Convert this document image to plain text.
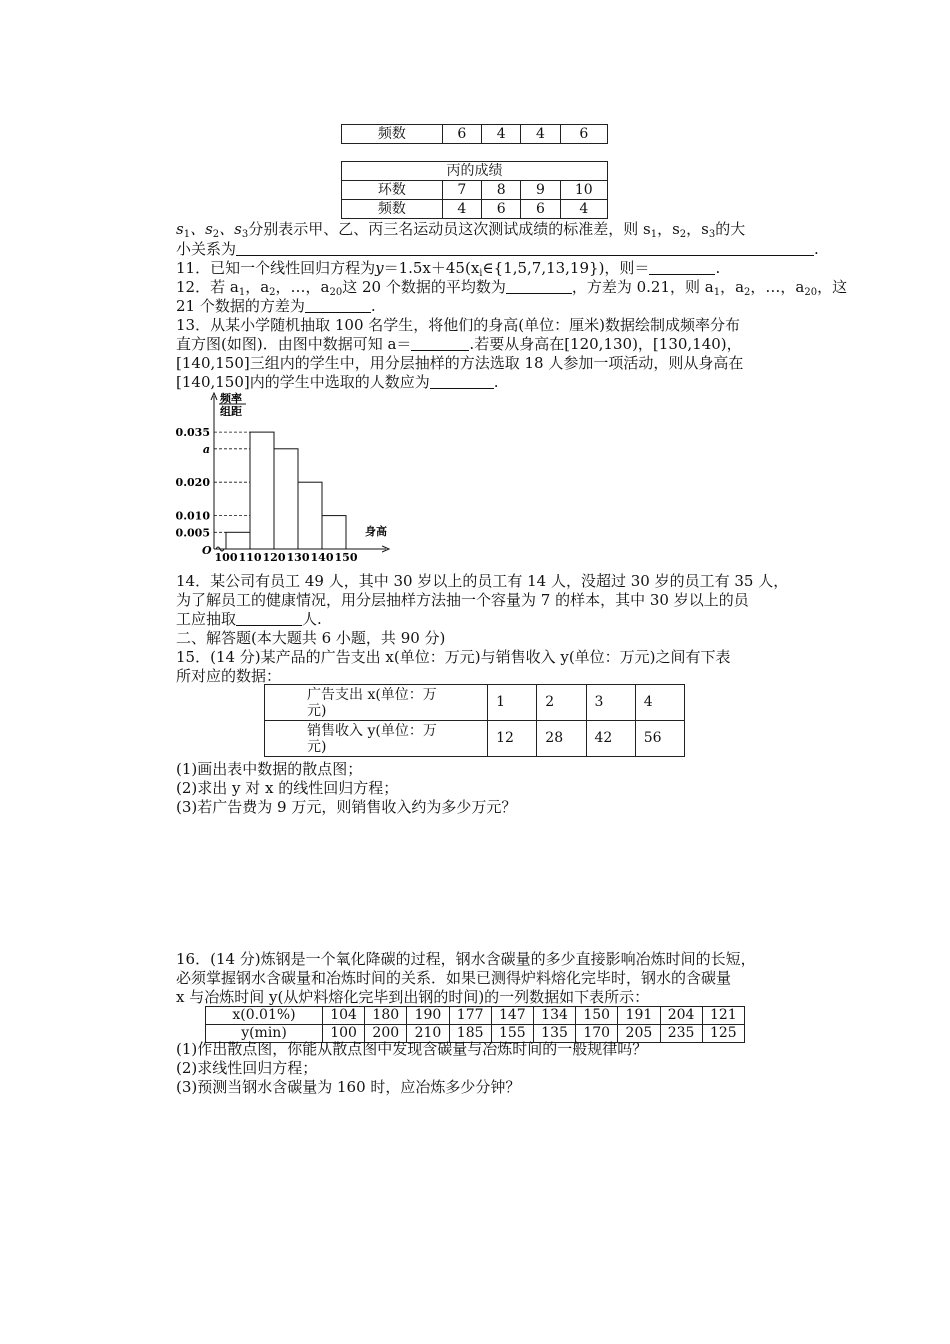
频数	6	4	4	6
丙的成绩				
环数	7	8	9	10
频数	4	6	6	4
$s_1$、$s_2$、$s_3$分别表示甲、乙、丙三名运动员这次测试成绩的标准差，则 $s_1$，$s_2$，$s_3$的大
小关系为	.
11．已知一个线性回归方程为$y=1.5x+45(x_i\in\{1,5,7,13,19\})$，则＝	.
12．若 $a_1$，$a_2$，…，$a_{20}$这 20 个数据的平均数为	，方差为 0.21，则 $a_1$，$a_2$，…，$a_{20}$，这
21 个数据的方差为	.
13．从某小学随机抽取 100 名学生，将他们的身高(单位：厘米)数据绘制成频率分布
直方图(如图)．由图中数据可知 a＝	.若要从身高在[120,130)，[130,140)，
[140,150]三组内的学生中，用分层抽样的方法选取 18 人参加一项活动，则从身高在
[140,150]内的学生中选取的人数应为	.
频率
组距
身高
O
0.035
a
0.020
0.010
0.005
100 110 120 130 140 150
14．某公司有员工 49 人，其中 30 岁以上的员工有 14 人，没超过 30 岁的员工有 35 人，
为了解员工的健康情况，用分层抽样方法抽一个容量为 7 的样本，其中 30 岁以上的员
工应抽取	人.
二、解答题(本大题共 6 小题，共 90 分)
15．(14 分)某产品的广告支出 x(单位：万元)与销售收入 y(单位：万元)之间有下表
所对应的数据：
广告支出 x(单位：万
元)	1	2	3	4
销售收入 y(单位：万
元)	12	28	42	56
(1)画出表中数据的散点图；
(2)求出 y 对 x 的线性回归方程；
(3)若广告费为 9 万元，则销售收入约为多少万元？
16．(14 分)炼钢是一个氧化降碳的过程，钢水含碳量的多少直接影响冶炼时间的长短，
必须掌握钢水含碳量和冶炼时间的关系．如果已测得炉料熔化完毕时，钢水的含碳量
x 与冶炼时间 y(从炉料熔化完毕到出钢的时间)的一列数据如下表所示：
x(0.01%)	104	180	190	177	147	134	150	191	204	121
y(min)	100	200	210	185	155	135	170	205	235	125
(1)作出散点图，你能从散点图中发现含碳量与冶炼时间的一般规律吗？
(2)求线性回归方程；
(3)预测当钢水含碳量为 160 时，应冶炼多少分钟？
